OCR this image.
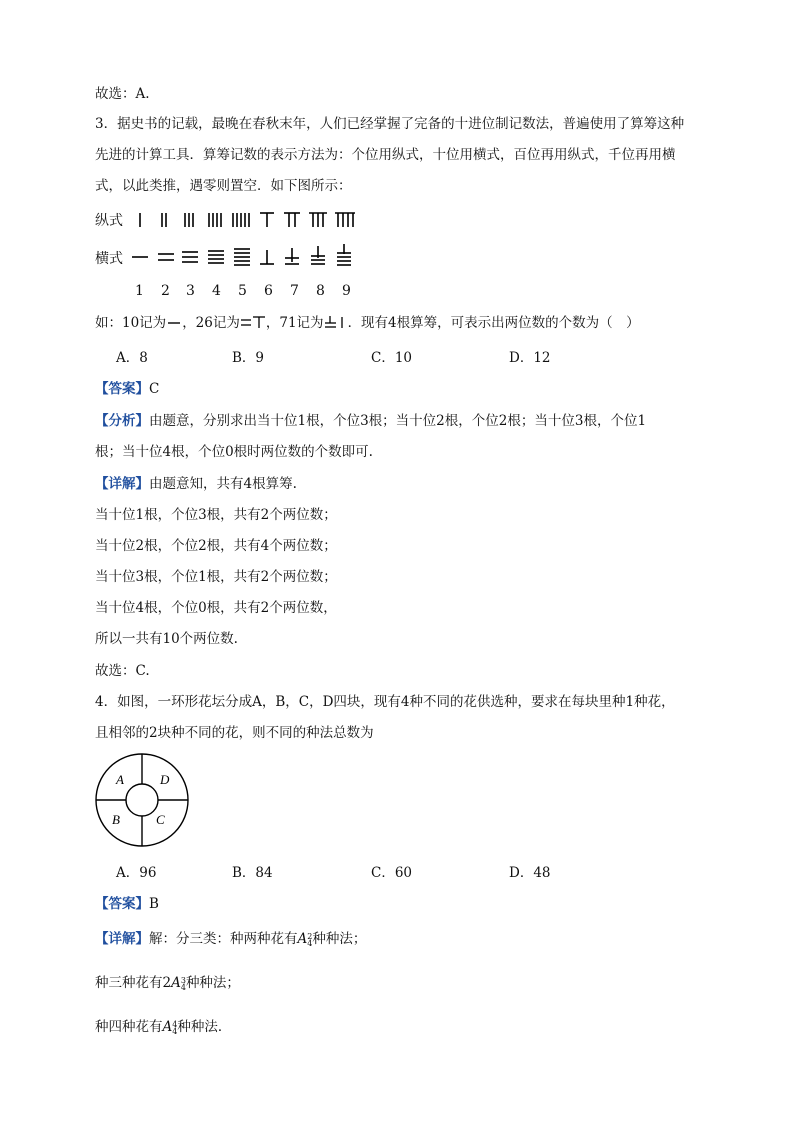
故选：A.
3．据史书的记载，最晚在春秋末年，人们已经掌握了完备的十进位制记数法，普遍使用了算筹这种
先进的计算工具．算筹记数的表示方法为：个位用纵式，十位用横式，百位再用纵式，千位再用横
式，以此类推，遇零则置空．如下图所示：
纵式
横式
1 2 3 4 5 6 7 8 9
如：10记为 ，26记为 ，71记为 ．现有4根算筹，可表示出两位数的个数为（　）
A．8	B．9	C．10	D．12
【答案】C
【分析】由题意，分别求出当十位1根，个位3根；当十位2根，个位2根；当十位3根，个位1
根；当十位4根，个位0根时两位数的个数即可.
【详解】由题意知，共有4根算筹.
当十位1根，个位3根，共有2个两位数；
当十位2根，个位2根，共有4个两位数；
当十位3根，个位1根，共有2个两位数；
当十位4根，个位0根，共有2个两位数，
所以一共有10个两位数.
故选：C.
4．如图，一环形花坛分成A，B，C，D四块，现有4种不同的花供选种，要求在每块里种1种花，
且相邻的2块种不同的花，则不同的种法总数为
A	D
B	C
A．96	B．84	C．60	D．48
【答案】B
【详解】解：分三类：种两种花有A 2
4 种种法；
种三种花有2A 3
4 种种法；
种四种花有A 4
4 种种法．
